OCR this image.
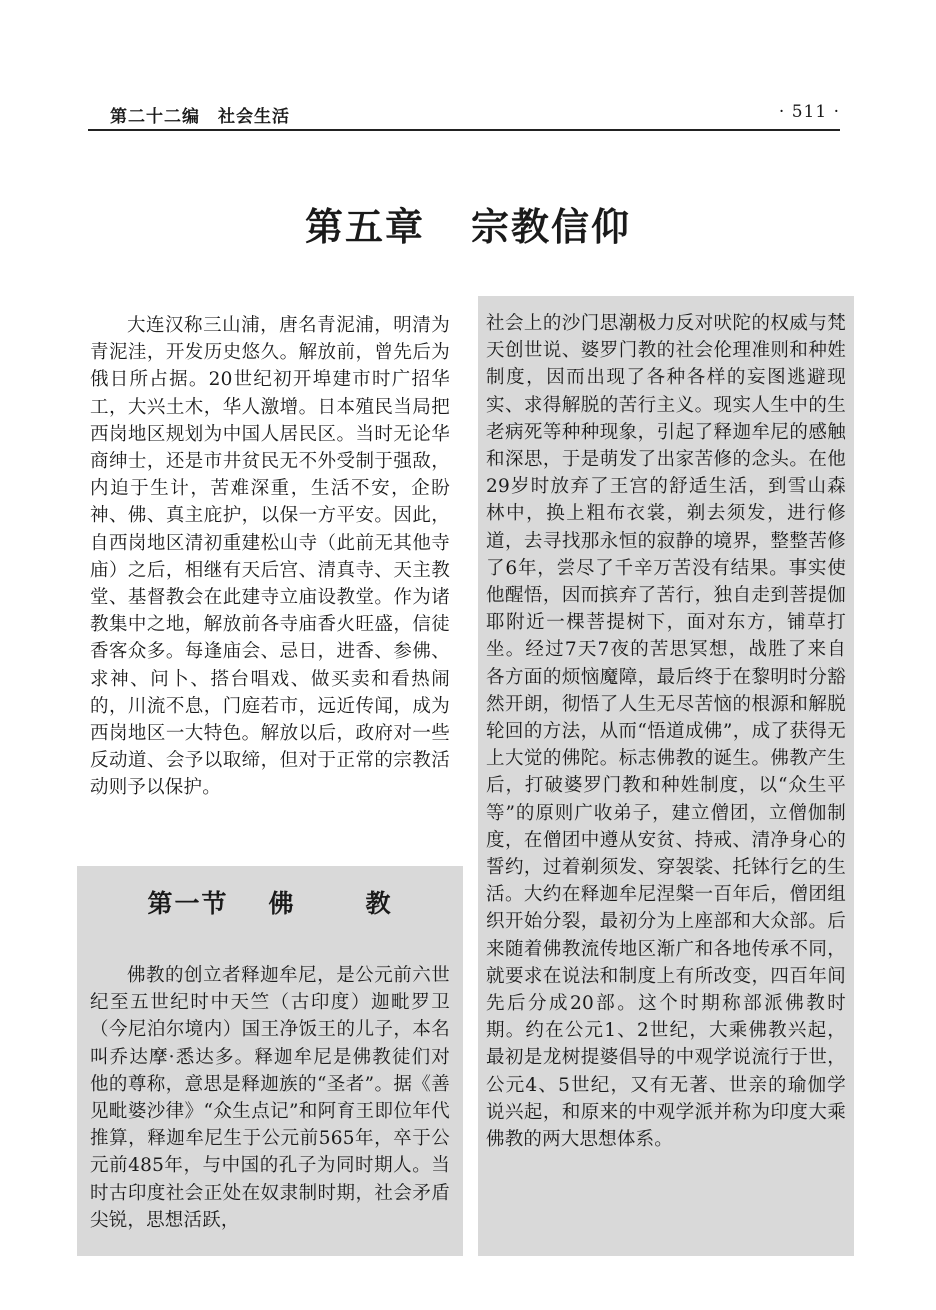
第二十二编　社会生活	· 511 ·
第五章 宗教信仰

大连汉称三山浦，唐名青泥浦，明清为青泥洼，开发历史悠久。解放前，曾先后为俄日所占据。20世纪初开埠建市时广招华工，大兴土木，华人激增。日本殖民当局把西岗地区规划为中国人居民区。当时无论华商绅士，还是市井贫民无不外受制于强敌，内迫于生计，苦难深重，生活不安，企盼神、佛、真主庇护，以保一方平安。因此，自西岗地区清初重建松山寺（此前无其他寺庙）之后，相继有天后宫、清真寺、天主教堂、基督教会在此建寺立庙设教堂。作为诸教集中之地，解放前各寺庙香火旺盛，信徒香客众多。每逢庙会、忌日，进香、参佛、求神、问卜、搭台唱戏、做买卖和看热闹的，川流不息，门庭若市，远近传闻，成为西岗地区一大特色。解放以后，政府对一些反动道、会予以取缔，但对于正常的宗教活动则予以保护。

第一节 佛	教

佛教的创立者释迦牟尼，是公元前六世纪至五世纪时中天竺（古印度）迦毗罗卫（今尼泊尔境内）国王净饭王的儿子，本名叫乔达摩·悉达多。释迦牟尼是佛教徒们对他的尊称，意思是释迦族的“圣者”。据《善见毗婆沙律》“众生点记”和阿育王即位年代推算，释迦牟尼生于公元前565年，卒于公元前485年，与中国的孔子为同时期人。当时古印度社会正处在奴隶制时期，社会矛盾尖锐，思想活跃，

社会上的沙门思潮极力反对吠陀的权威与梵天创世说、婆罗门教的社会伦理准则和种姓制度，因而出现了各种各样的妄图逃避现实、求得解脱的苦行主义。现实人生中的生老病死等种种现象，引起了释迦牟尼的感触和深思，于是萌发了出家苦修的念头。在他29岁时放弃了王宫的舒适生活，到雪山森林中，换上粗布衣裳，剃去须发，进行修道，去寻找那永恒的寂静的境界，整整苦修了6年，尝尽了千辛万苦没有结果。事实使他醒悟，因而摈弃了苦行，独自走到菩提伽耶附近一棵菩提树下，面对东方，铺草打坐。经过7天7夜的苦思冥想，战胜了来自各方面的烦恼魔障，最后终于在黎明时分豁然开朗，彻悟了人生无尽苦恼的根源和解脱轮回的方法，从而“悟道成佛”，成了获得无上大觉的佛陀。标志佛教的诞生。佛教产生后，打破婆罗门教和种姓制度，以“众生平等”的原则广收弟子，建立僧团，立僧伽制度，在僧团中遵从安贫、持戒、清净身心的誓约，过着剃须发、穿袈裟、托钵行乞的生活。大约在释迦牟尼涅槃一百年后，僧团组织开始分裂，最初分为上座部和大众部。后来随着佛教流传地区渐广和各地传承不同，就要求在说法和制度上有所改变，四百年间先后分成20部。这个时期称部派佛教时期。约在公元1、2世纪，大乘佛教兴起，最初是龙树提婆倡导的中观学说流行于世，公元4、5世纪，又有无著、世亲的瑜伽学说兴起，和原来的中观学派并称为印度大乘佛教的两大思想体系。
